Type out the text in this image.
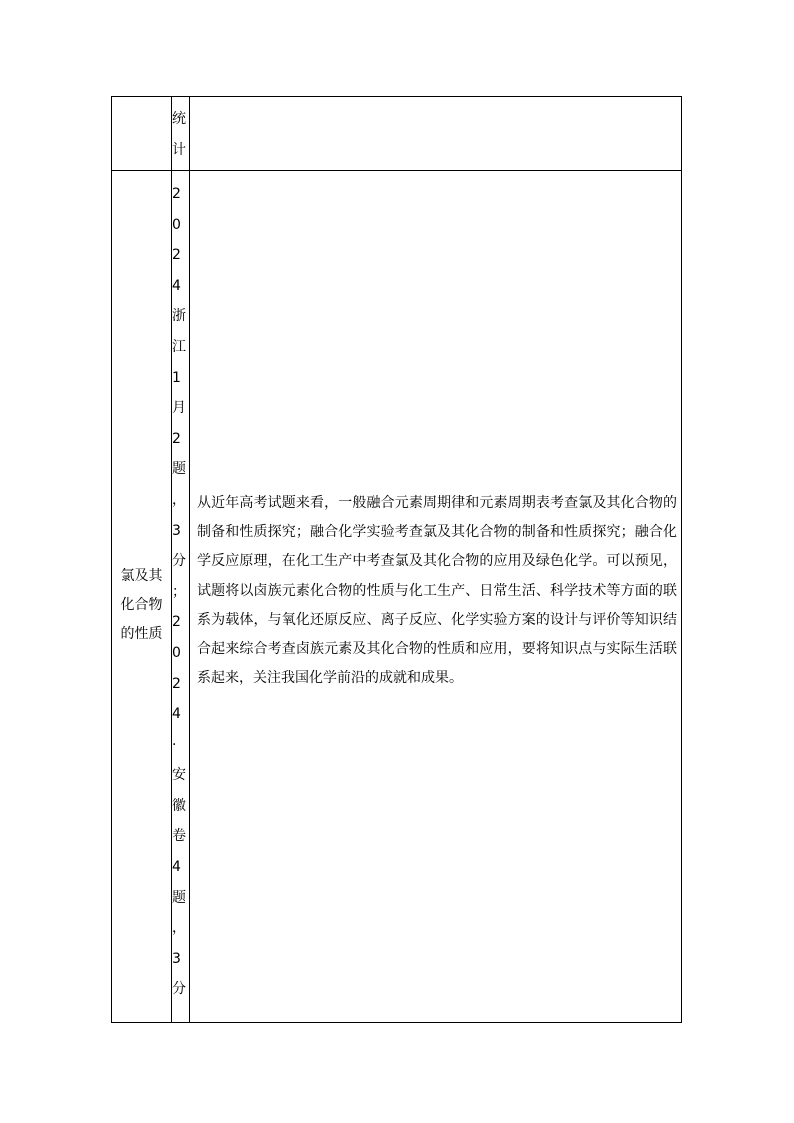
统
计
氯及其化合物的性质
2
0
2
4
浙
江
1
月
2
题
，
3
分
；
2
0
2
4
·
安
徽
卷
4
题
，
3
分
从近年高考试题来看，一般融合元素周期律和元素周期表考查氯及其化合物的制备和性质探究；融合化学实验考查氯及其化合物的制备和性质探究；融合化学反应原理，在化工生产中考查氯及其化合物的应用及绿色化学。可以预见，试题将以卤族元素化合物的性质与化工生产、日常生活、科学技术等方面的联系为载体，与氧化还原反应、离子反应、化学实验方案的设计与评价等知识结合起来综合考查卤族元素及其化合物的性质和应用，要将知识点与实际生活联系起来，关注我国化学前沿的成就和成果。
